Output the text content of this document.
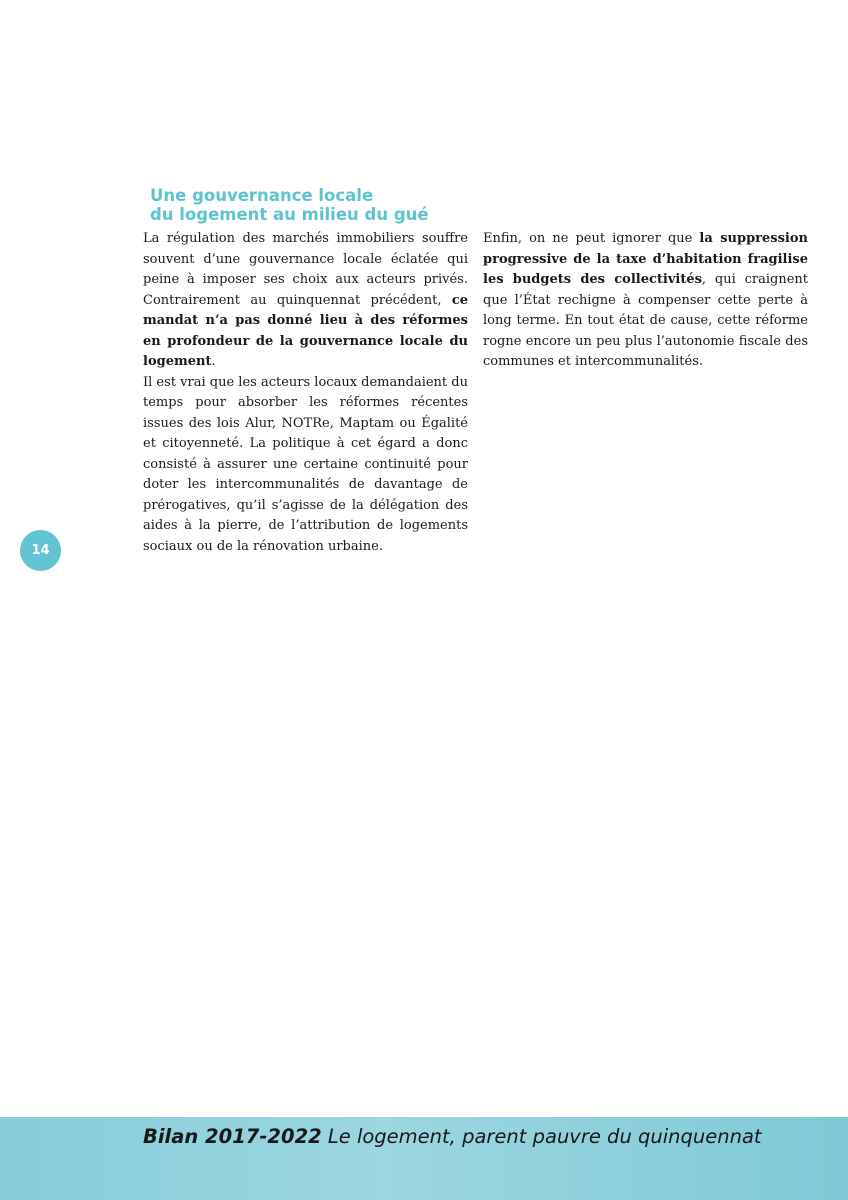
Une gouvernance locale
du logement au milieu du gué

La régulation des marchés immobiliers souffre souvent d’une gouvernance locale éclatée qui peine à imposer ses choix aux acteurs privés. Contrairement au quinquennat précédent, ce mandat n’a pas donné lieu à des réformes en profondeur de la gouvernance locale du logement.

Il est vrai que les acteurs locaux demandaient du temps pour absorber les réformes récentes issues des lois Alur, NOTRe, Maptam ou Égalité et citoyenneté. La politique à cet égard a donc consisté à assurer une certaine continuité pour doter les intercommunalités de davantage de prérogatives, qu’il s’agisse de la délégation des aides à la pierre, de l’attribution de logements sociaux ou de la rénovation urbaine.

Enfin, on ne peut ignorer que la suppression progressive de la taxe d’habitation fragilise les budgets des collectivités, qui craignent que l’État rechigne à compenser cette perte à long terme. En tout état de cause, cette réforme rogne encore un peu plus l’autonomie fiscale des communes et intercommunalités.

14
Bilan 2017-2022 Le logement, parent pauvre du quinquennat
